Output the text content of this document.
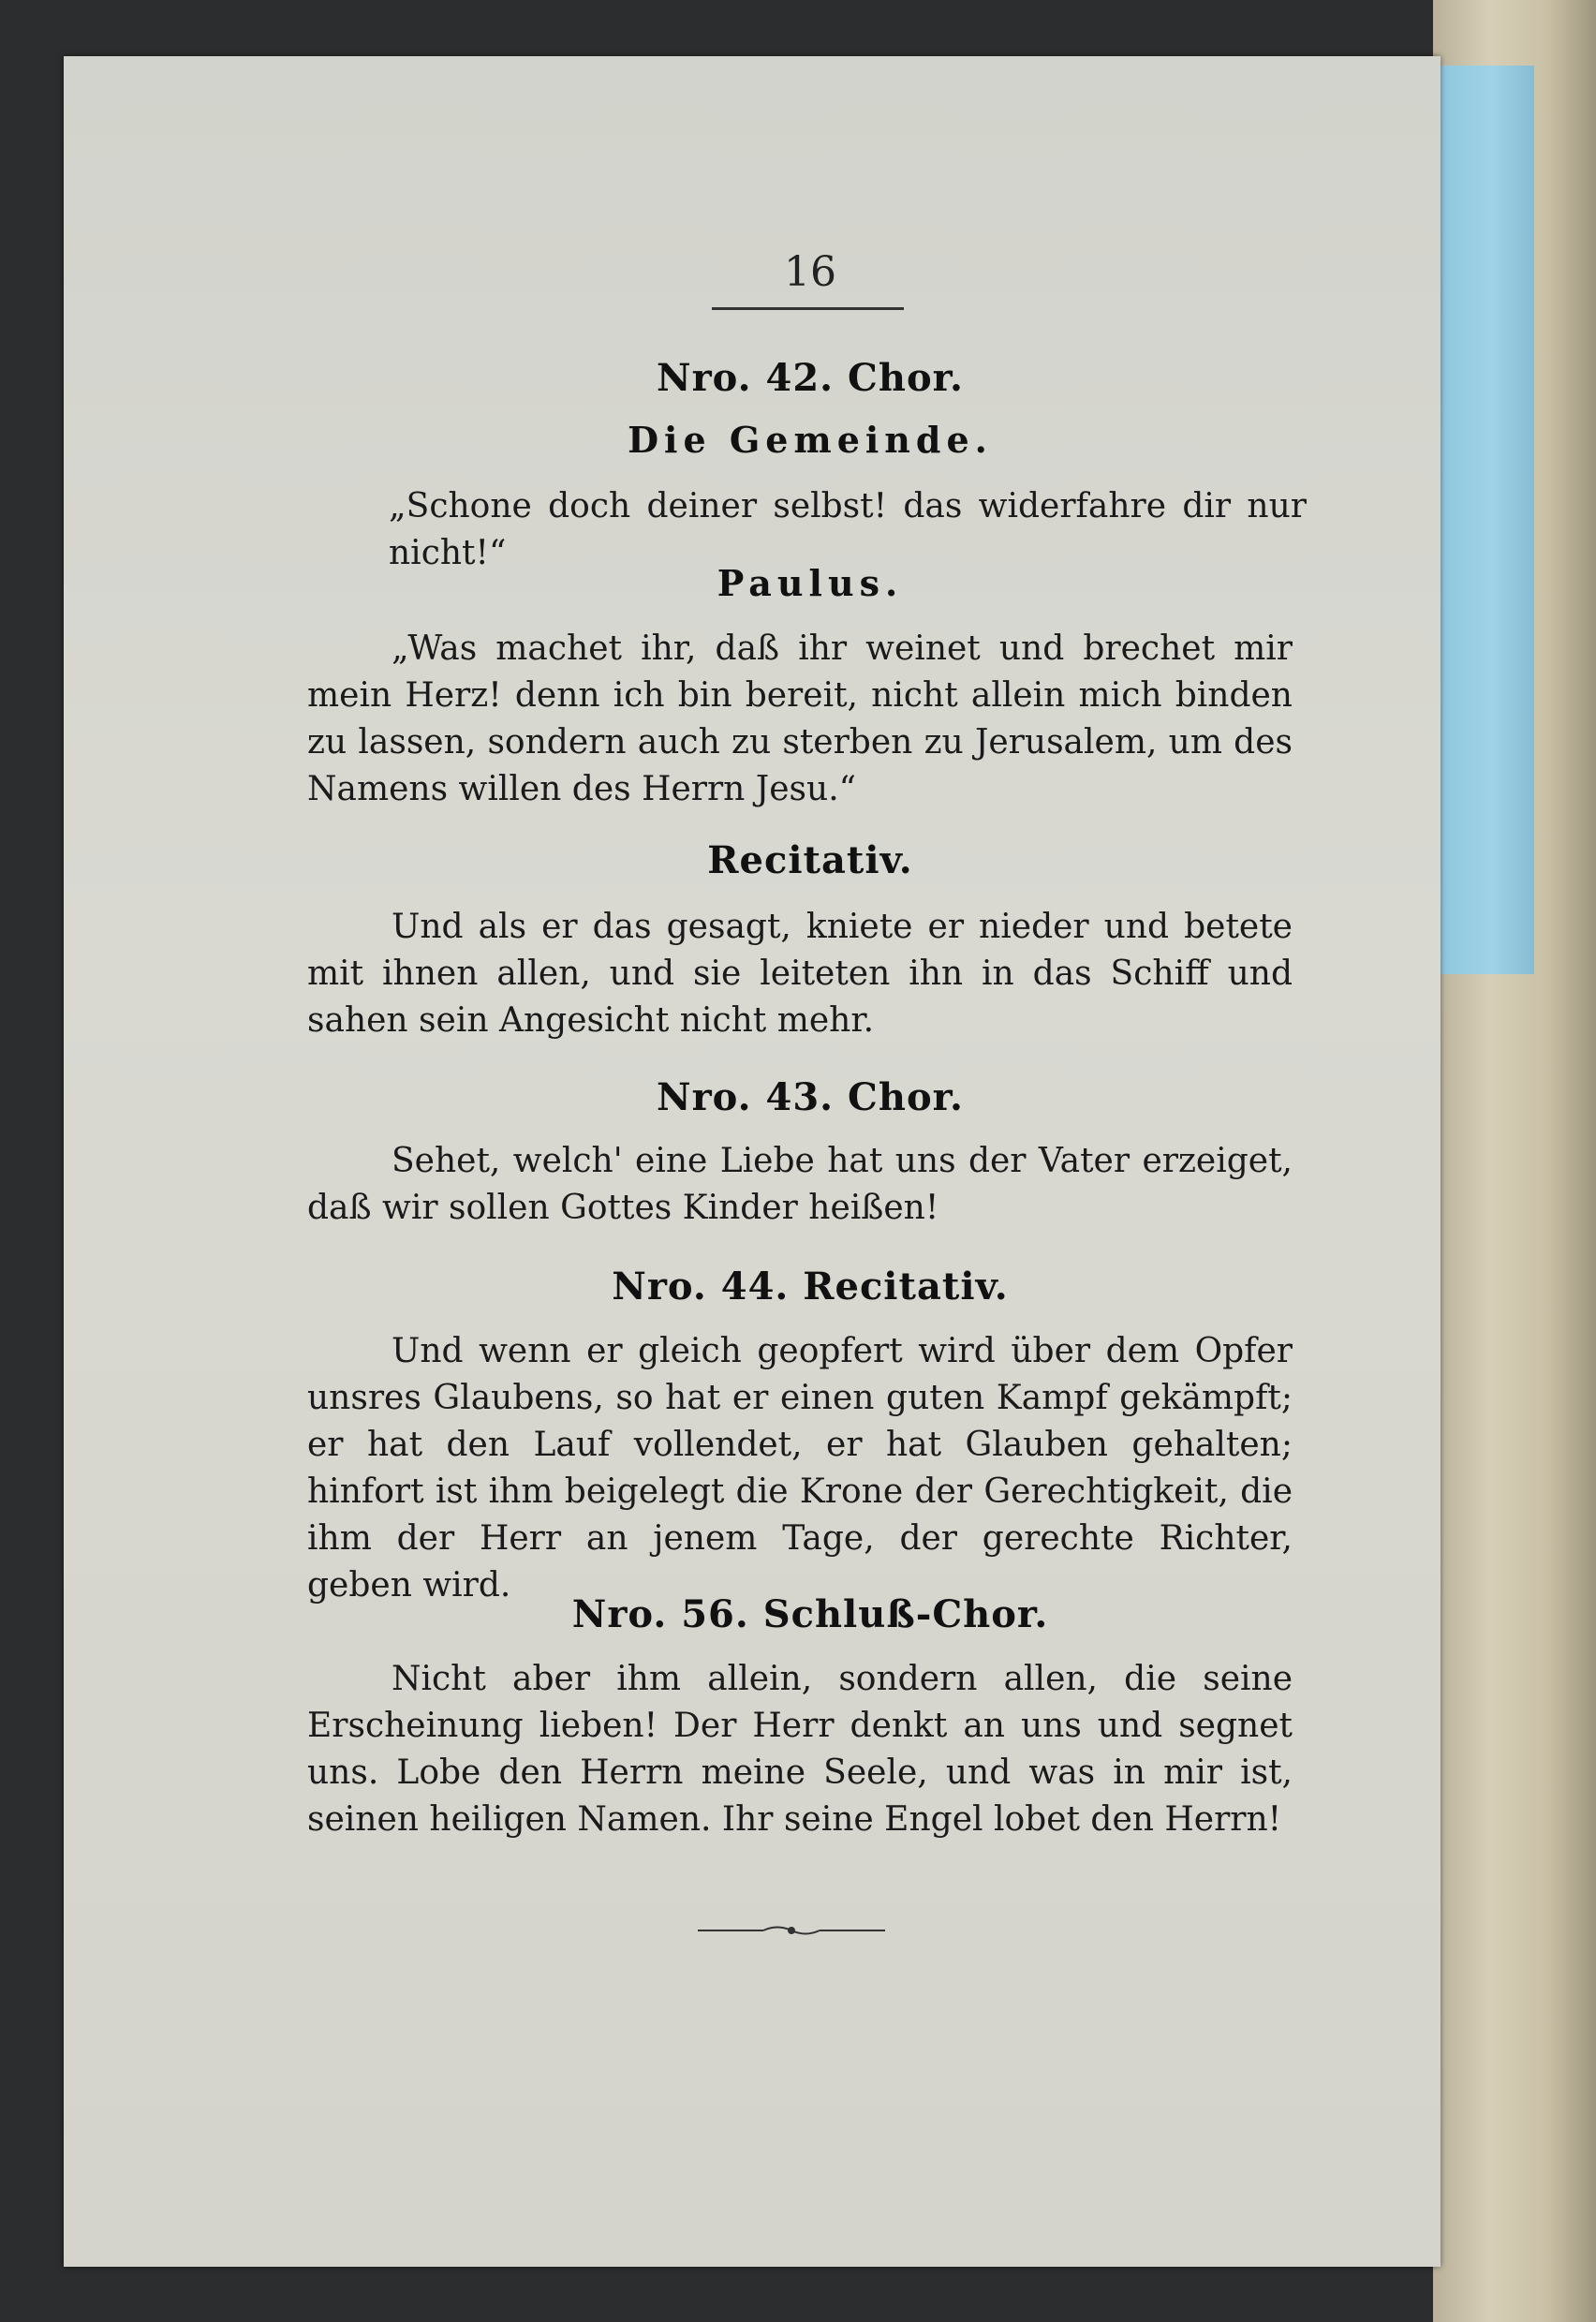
16
Nro. 42. Chor.
Die Gemeinde.
„Schone doch deiner selbst! das widerfahre dir nur nicht!“
Paulus.
„Was machet ihr, daß ihr weinet und brechet mir mein Herz! denn ich bin bereit, nicht allein mich binden zu lassen, sondern auch zu sterben zu Jerusalem, um des Namens willen des Herrn Jesu.“
Recitativ.
Und als er das gesagt, kniete er nieder und betete mit ihnen allen, und sie leiteten ihn in das Schiff und sahen sein Angesicht nicht mehr.
Nro. 43. Chor.
Sehet, welch' eine Liebe hat uns der Vater erzeiget, daß wir sollen Gottes Kinder heißen!
Nro. 44. Recitativ.
Und wenn er gleich geopfert wird über dem Opfer unsres Glaubens, so hat er einen guten Kampf gekämpft; er hat den Lauf vollendet, er hat Glauben gehalten; hinfort ist ihm beigelegt die Krone der Gerechtigkeit, die ihm der Herr an jenem Tage, der gerechte Richter, geben wird.
Nro. 56. Schluß-Chor.
Nicht aber ihm allein, sondern allen, die seine Erscheinung lieben! Der Herr denkt an uns und segnet uns. Lobe den Herrn meine Seele, und was in mir ist, seinen heiligen Namen. Ihr seine Engel lobet den Herrn!
